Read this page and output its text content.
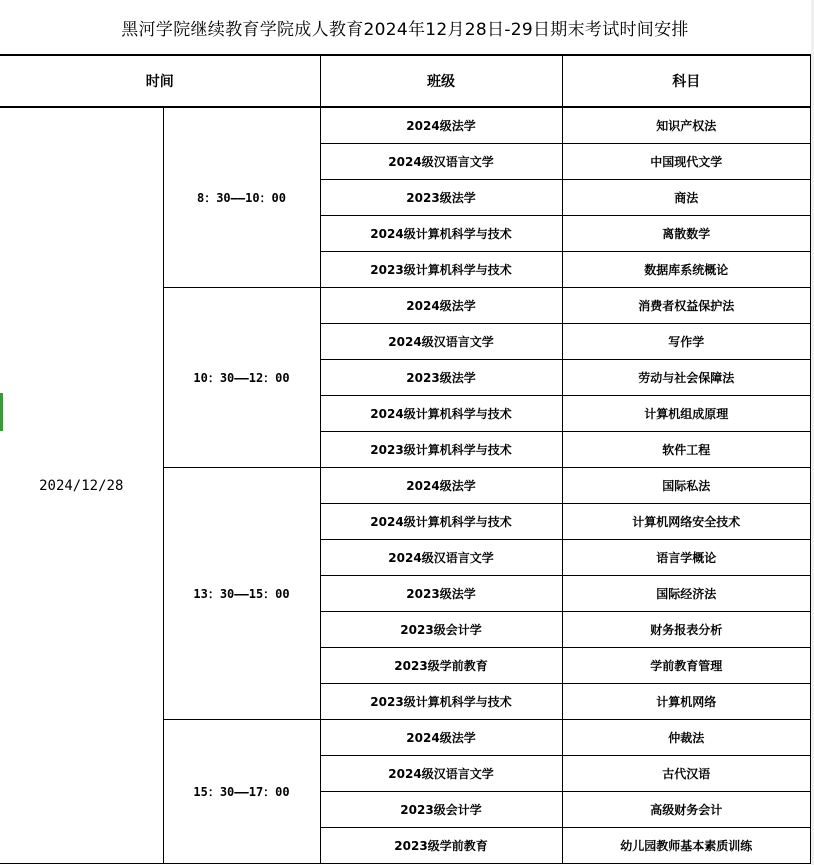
黑河学院继续教育学院成人教育2024年12月28日-29日期末考试时间安排
时间		班级	科目
2024/12/28	8：30——10：00	2024级法学	知识产权法
		2024级汉语言文学	中国现代文学
		2023级法学	商法
		2024级计算机科学与技术	离散数学
		2023级计算机科学与技术	数据库系统概论
	10：30——12：00	2024级法学	消费者权益保护法
		2024级汉语言文学	写作学
		2023级法学	劳动与社会保障法
		2024级计算机科学与技术	计算机组成原理
		2023级计算机科学与技术	软件工程
	13：30——15：00	2024级法学	国际私法
		2024级计算机科学与技术	计算机网络安全技术
		2024级汉语言文学	语言学概论
		2023级法学	国际经济法
		2023级会计学	财务报表分析
		2023级学前教育	学前教育管理
		2023级计算机科学与技术	计算机网络
	15：30——17：00	2024级法学	仲裁法
		2024级汉语言文学	古代汉语
		2023级会计学	高级财务会计
		2023级学前教育	幼儿园教师基本素质训练
